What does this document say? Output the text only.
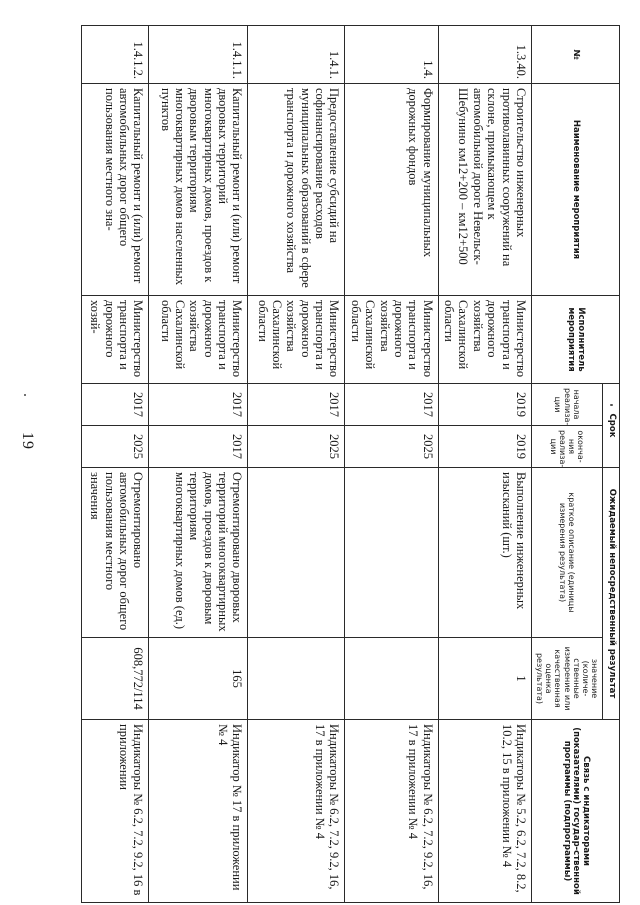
19
№	Наименование мероприятия	Исполнитель мероприятия	Срок		Ожидаемый непосредственный результат		Связь с индикаторами (показателями) государ-ственной программы (подпрограммы)
			начала реализа-ции	оконча-ния реализа-ции	краткое описание (единицы измерения результата)	значение (количе-ственные измерение или качественная оценка результата)	
1.3.40.	Строительство инженерных противолавинных сооружений на склоне, примыкающем к автомобильной дороге Невельск-Шебунино км12+200 – км12+500	Министерство транспорта и дорожного хозяйства Сахалинской области	2019	2019	Выполнение инженерных изысканий (шт.)	1	Индикаторы № 5.2, 6.2, 7.2, 8.2, 10.2, 15 в приложении № 4
1.4.	Формирование муниципальных дорожных фондов	Министерство транспорта и дорожного хозяйства Сахалинской области	2017	2025			Индикаторы № 6.2, 7.2, 9.2, 16, 17 в приложении № 4
1.4.1.	Предоставление субсидий на софинансирование расходов муниципальных образований в сфере транспорта и дорожного хозяйства	Министерство транспорта и дорожного хозяйства Сахалинской области	2017	2025			Индикаторы № 6.2, 7.2, 9.2, 16, 17 в приложении № 4
1.4.1.1.	Капитальный ремонт и (или) ремонт дворовых территорий многоквартирных домов, проездов к дворовым территориям многоквартирных домов населенных пунктов	Министерство транспорта и дорожного хозяйства Сахалинской области	2017	2017	Отремонтировано дворовых территорий многоквартирных домов, проездов к дворовым территориям многоквартирных домов (ед.)	165	Индикатор № 17 в приложении № 4
1.4.1.2.	Капитальный ремонт и (или) ремонт автомобильных дорог общего пользования местного зна-	Министерство транспорта и дорожного хозяй-	2017	2025	Отремонтировано автомобильных дорог общего пользования местного значения	608,772/114	Индикаторы № 6.2, 7.2, 9.2, 16 в приложении
